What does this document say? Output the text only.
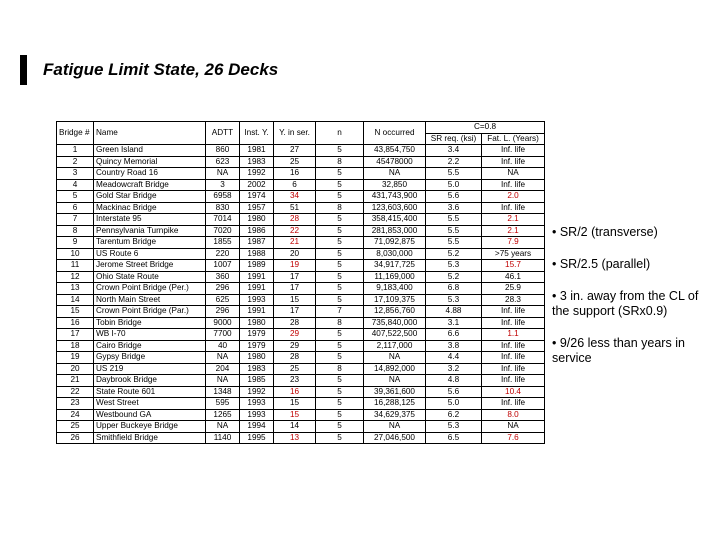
Fatigue Limit State, 26 Decks
Bridge #	Name	ADTT	Inst. Y.	Y. in ser.	n	N occurred	C=0.8	
							SR req. (ksi)	Fat. L. (Years)
1	Green Island	860	1981	27	5	43,854,750	3.4	Inf. life
2	Quincy Memorial	623	1983	25	8	45478000	2.2	Inf. life
3	Country Road 16	NA	1992	16	5	NA	5.5	NA
4	Meadowcraft Bridge	3	2002	6	5	32,850	5.0	Inf. life
5	Gold Star Bridge	6958	1974	34	5	431,743,900	5.6	2.0
6	Mackinac Bridge	830	1957	51	8	123,603,600	3.6	Inf. life
7	Interstate 95	7014	1980	28	5	358,415,400	5.5	2.1
8	Pennsylvania Turnpike	7020	1986	22	5	281,853,000	5.5	2.1
9	Tarentum Bridge	1855	1987	21	5	71,092,875	5.5	7.9
10	US Route 6	220	1988	20	5	8,030,000	5.2	>75 years
11	Jerome Street Bridge	1007	1989	19	5	34,917,725	5.3	15.7
12	Ohio State Route	360	1991	17	5	11,169,000	5.2	46.1
13	Crown Point Bridge (Per.)	296	1991	17	5	9,183,400	6.8	25.9
14	North Main Street	625	1993	15	5	17,109,375	5.3	28.3
15	Crown Point Bridge (Par.)	296	1991	17	7	12,856,760	4.88	Inf. life
16	Tobin Bridge	9000	1980	28	8	735,840,000	3.1	Inf. life
17	WB I-70	7700	1979	29	5	407,522,500	6.6	1.1
18	Cairo Bridge	40	1979	29	5	2,117,000	3.8	Inf. life
19	Gypsy Bridge	NA	1980	28	5	NA	4.4	Inf. life
20	US 219	204	1983	25	8	14,892,000	3.2	Inf. life
21	Daybrook Bridge	NA	1985	23	5	NA	4.8	Inf. life
22	State Route 601	1348	1992	16	5	39,361,600	5.6	10.4
23	West Street	595	1993	15	5	16,288,125	5.0	Inf. life
24	Westbound GA	1265	1993	15	5	34,629,375	6.2	8.0
25	Upper Buckeye Bridge	NA	1994	14	5	NA	5.3	NA
26	Smithfield Bridge	1140	1995	13	5	27,046,500	6.5	7.6

• SR/2 (transverse)

• SR/2.5 (parallel)

• 3 in. away from the CL of the support (SRx0.9)

• 9/26 less than years in service
